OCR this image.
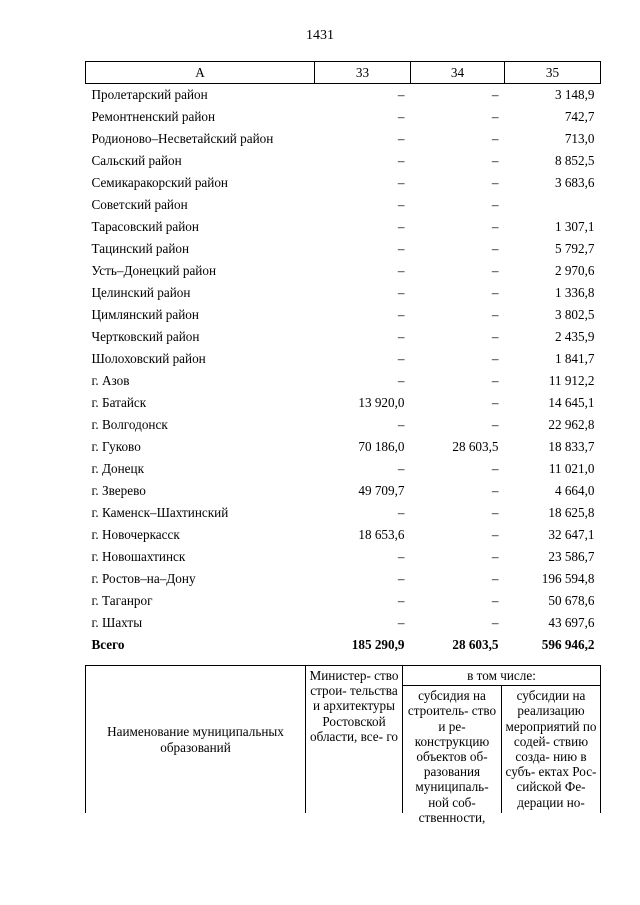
1431
А	33	34	35
Пролетарский район	–	–	3 148,9
Ремонтненский район	–	–	742,7
Родионово–Несветайский район	–	–	713,0
Сальский район	–	–	8 852,5
Семикаракорский район	–	–	3 683,6
Советский район	–	–	
Тарасовский район	–	–	1 307,1
Тацинский район	–	–	5 792,7
Усть–Донецкий район	–	–	2 970,6
Целинский район	–	–	1 336,8
Цимлянский район	–	–	3 802,5
Чертковский район	–	–	2 435,9
Шолоховский район	–	–	1 841,7
г. Азов	–	–	11 912,2
г. Батайск	13 920,0	–	14 645,1
г. Волгодонск	–	–	22 962,8
г. Гуково	70 186,0	28 603,5	18 833,7
г. Донецк	–	–	11 021,0
г. Зверево	49 709,7	–	4 664,0
г. Каменск–Шахтинский	–	–	18 625,8
г. Новочеркасск	18 653,6	–	32 647,1
г. Новошахтинск	–	–	23 586,7
г. Ростов–на–Дону	–	–	196 594,8
г. Таганрог	–	–	50 678,6
г. Шахты	–	–	43 697,6
Всего	185 290,9	28 603,5	596 946,2
Наименование муниципальных образований	Министер- ство строи- тельства и архитектуры Ростовской области, все- го	в том числе:	

		субсидия на строитель- ство и ре- конструкцию объектов об- разования муниципаль- ной соб- ственности,	субсидии на реализацию мероприятий по содей- ствию созда- нию в субъ- ектах Рос- сийской Фе- дерации но-
